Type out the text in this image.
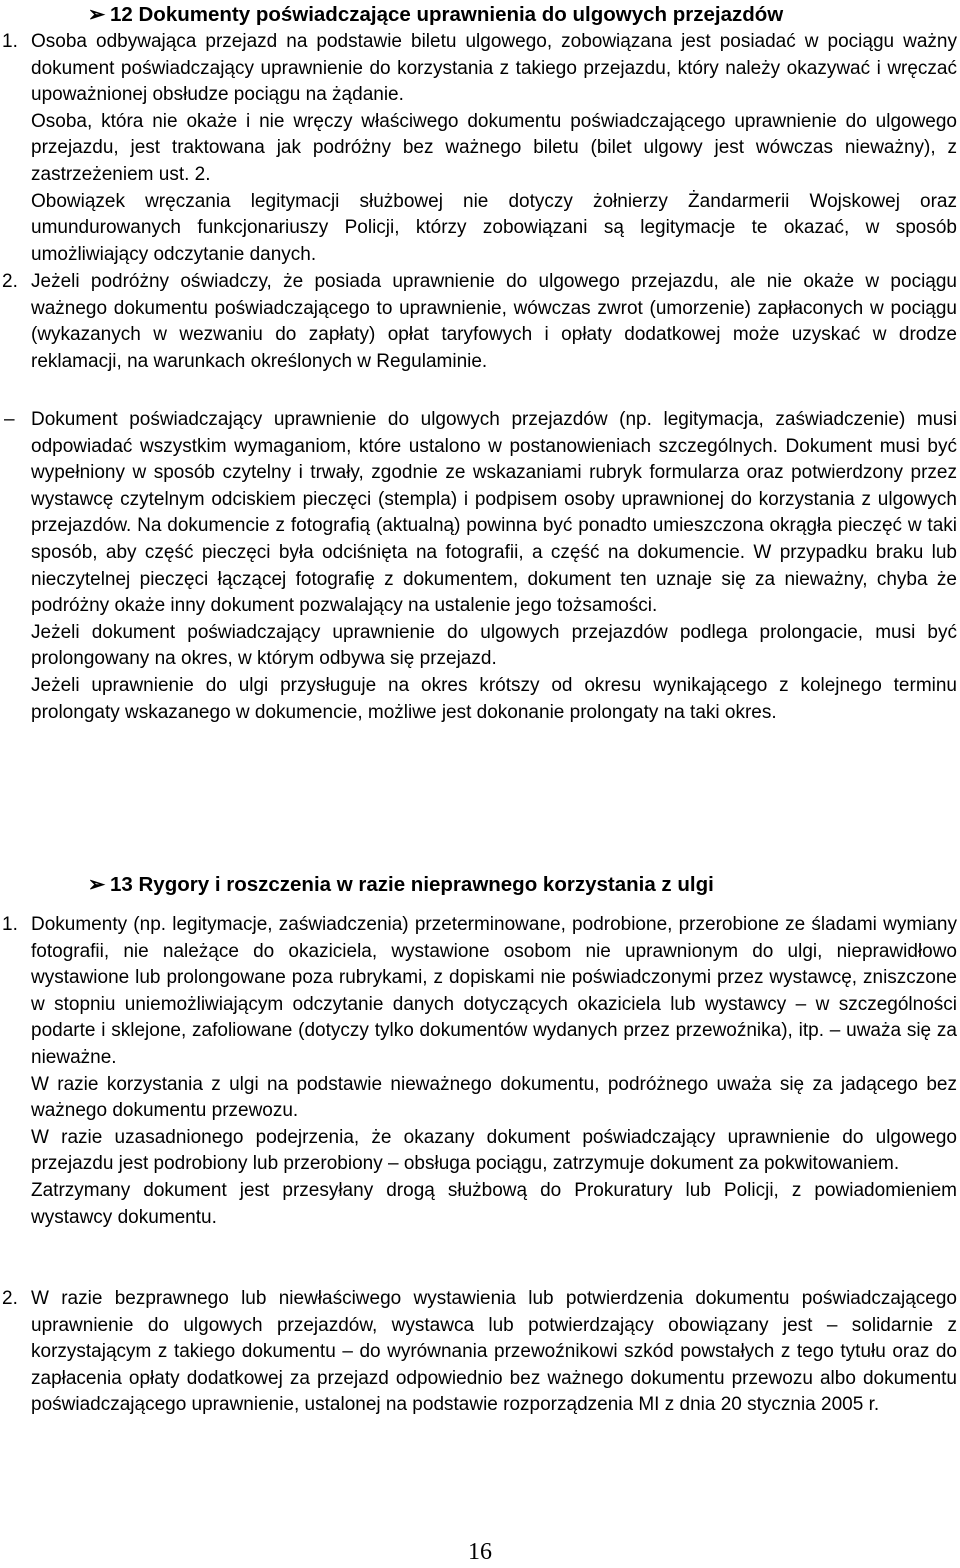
➢ 12 Dokumenty poświadczające uprawnienia do ulgowych przejazdów
1. Osoba odbywająca przejazd na podstawie biletu ulgowego, zobowiązana jest posiadać w pociągu ważny dokument poświadczający uprawnienie do korzystania z takiego przejazdu, który należy okazywać i wręczać upoważnionej obsłudze pociągu na żądanie.

Osoba, która nie okaże i nie wręczy właściwego dokumentu poświadczającego uprawnienie do ulgowego przejazdu, jest traktowana jak podróżny bez ważnego biletu (bilet ulgowy jest wówczas nieważny), z zastrzeżeniem ust. 2.

Obowiązek wręczania legitymacji służbowej nie dotyczy żołnierzy Żandarmerii Wojskowej oraz umundurowanych funkcjonariuszy Policji, którzy zobowiązani są legitymacje te okazać, w sposób umożliwiający odczytanie danych.

2. Jeżeli podróżny oświadczy, że posiada uprawnienie do ulgowego przejazdu, ale nie okaże w pociągu ważnego dokumentu poświadczającego to uprawnienie, wówczas zwrot (umorzenie) zapłaconych w pociągu (wykazanych w wezwaniu do zapłaty) opłat taryfowych i opłaty dodatkowej może uzyskać w drodze reklamacji, na warunkach określonych w Regulaminie.

– Dokument poświadczający uprawnienie do ulgowych przejazdów (np. legitymacja, zaświadczenie) musi odpowiadać wszystkim wymaganiom, które ustalono w postanowieniach szczególnych. Dokument musi być wypełniony w sposób czytelny i trwały, zgodnie ze wskazaniami rubryk formularza oraz potwierdzony przez wystawcę czytelnym odciskiem pieczęci (stempla) i podpisem osoby uprawnionej do korzystania z ulgowych przejazdów. Na dokumencie z fotografią (aktualną) powinna być ponadto umieszczona okrągła pieczęć w taki sposób, aby część pieczęci była odciśnięta na fotografii, a część na dokumencie. W przypadku braku lub nieczytelnej pieczęci łączącej fotografię z dokumentem, dokument ten uznaje się za nieważny, chyba że podróżny okaże inny dokument pozwalający na ustalenie jego tożsamości.

Jeżeli dokument poświadczający uprawnienie do ulgowych przejazdów podlega prolongacie, musi być prolongowany na okres, w którym odbywa się przejazd.

Jeżeli uprawnienie do ulgi przysługuje na okres krótszy od okresu wynikającego z kolejnego terminu prolongaty wskazanego w dokumencie, możliwe jest dokonanie prolongaty na taki okres.

➢ 13 Rygory i roszczenia w razie nieprawnego korzystania z ulgi
1. Dokumenty (np. legitymacje, zaświadczenia) przeterminowane, podrobione, przerobione ze śladami wymiany fotografii, nie należące do okaziciela, wystawione osobom nie uprawnionym do ulgi, nieprawidłowo wystawione lub prolongowane poza rubrykami, z dopiskami nie poświadczonymi przez wystawcę, zniszczone w stopniu uniemożliwiającym odczytanie danych dotyczących okaziciela lub wystawcy – w szczególności podarte i sklejone, zafoliowane (dotyczy tylko dokumentów wydanych przez przewoźnika), itp. – uważa się za nieważne.

W razie korzystania z ulgi na podstawie nieważnego dokumentu, podróżnego uważa się za jadącego bez ważnego dokumentu przewozu.

W razie uzasadnionego podejrzenia, że okazany dokument poświadczający uprawnienie do ulgowego przejazdu jest podrobiony lub przerobiony – obsługa pociągu, zatrzymuje dokument za pokwitowaniem.

Zatrzymany dokument jest przesyłany drogą służbową do Prokuratury lub Policji, z powiadomieniem wystawcy dokumentu.

2. W razie bezprawnego lub niewłaściwego wystawienia lub potwierdzenia dokumentu poświadczającego uprawnienie do ulgowych przejazdów, wystawca lub potwierdzający obowiązany jest – solidarnie z korzystającym z takiego dokumentu – do wyrównania przewoźnikowi szkód powstałych z tego tytułu oraz do zapłacenia opłaty dodatkowej za przejazd odpowiednio bez ważnego dokumentu przewozu albo dokumentu poświadczającego uprawnienie, ustalonej na podstawie rozporządzenia MI z dnia 20 stycznia 2005 r.

16
